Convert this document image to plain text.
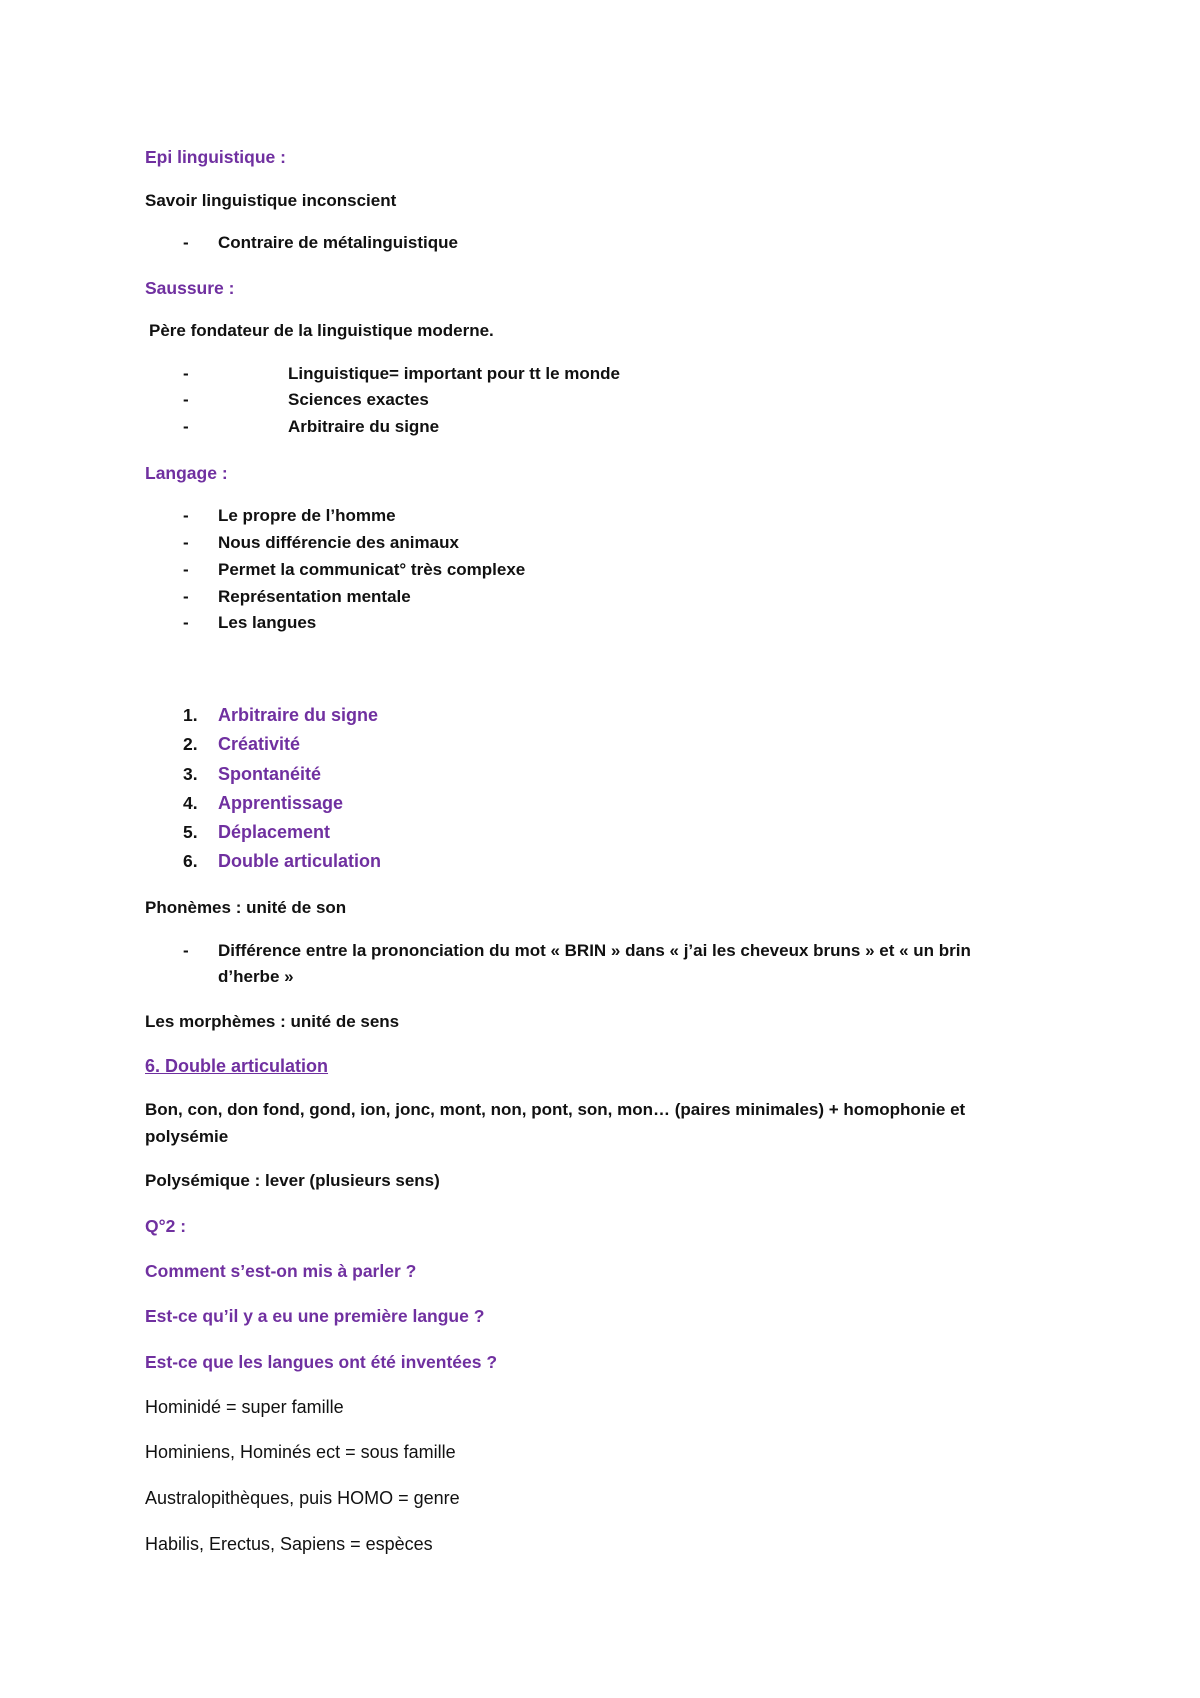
Epi linguistique :
Savoir linguistique inconscient
- Contraire de métalinguistique
Saussure :
Père fondateur de la linguistique moderne.
-	Linguistique= important pour tt le monde
-	Sciences exactes
-	Arbitraire du signe
Langage :
- Le propre de l’homme
- Nous différencie des animaux
- Permet la communicat° très complexe
- Représentation mentale
- Les langues
1. Arbitraire du signe
2. Créativité
3. Spontanéité
4. Apprentissage
5. Déplacement
6. Double articulation
Phonèmes : unité de son
- Différence entre la prononciation du mot « BRIN » dans « j’ai les cheveux bruns » et « un brin
d’herbe »
Les morphèmes : unité de sens
6. Double articulation
Bon, con, don fond, gond, ion, jonc, mont, non, pont, son, mon… (paires minimales) + homophonie et
polysémie
Polysémique : lever (plusieurs sens)
Q°2 :
Comment s’est-on mis à parler ?
Est-ce qu’il y a eu une première langue ?
Est-ce que les langues ont été inventées ?
Hominidé = super famille
Hominiens, Hominés ect = sous famille
Australopithèques, puis HOMO = genre
Habilis, Erectus, Sapiens = espèces
